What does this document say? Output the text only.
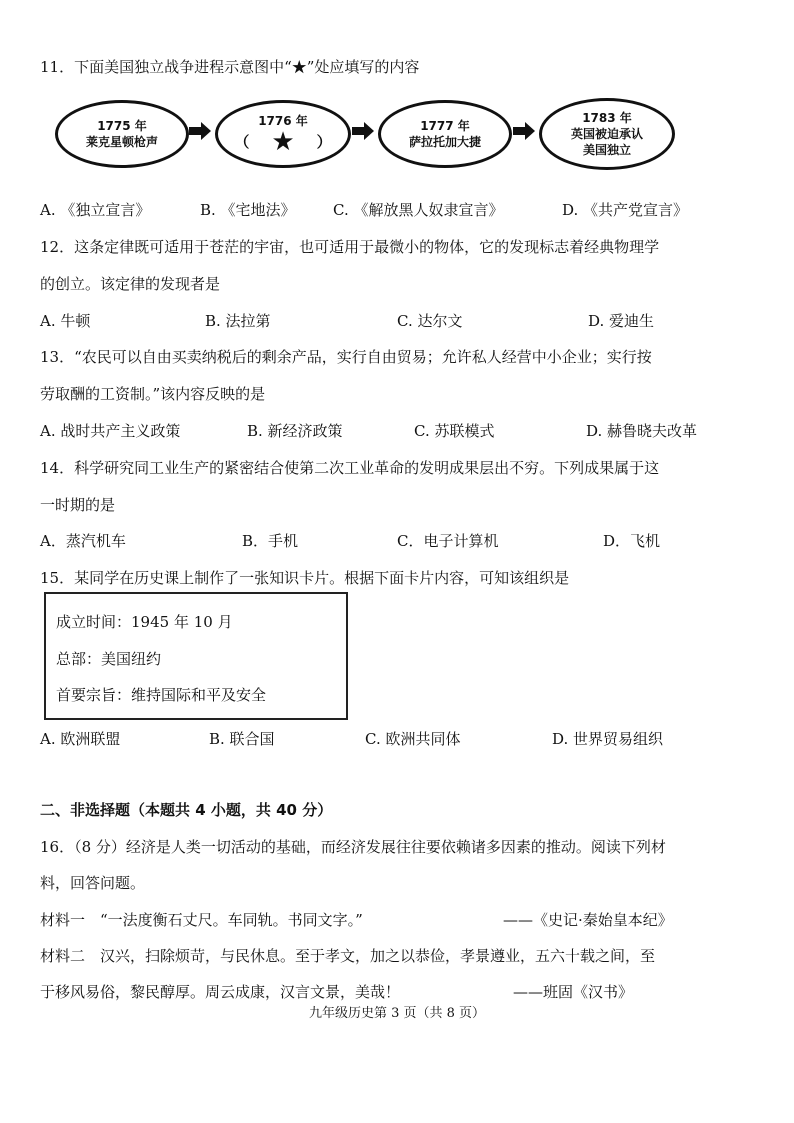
11．下面美国独立战争进程示意图中“★”处应填写的内容
1775 年
莱克星顿枪声
1776 年
（ ★ ）
1777 年
萨拉托加大捷
1783 年
英国被迫承认
美国独立
A. 《独立宣言》	B. 《宅地法》 C. 《解放黑人奴隶宣言》	D. 《共产党宣言》
12．这条定律既可适用于苍茫的宇宙，也可适用于最微小的物体，它的发现标志着经典物理学
的创立。该定律的发现者是
A. 牛顿	B. 法拉第	C. 达尔文	D. 爱迪生
13．“农民可以自由买卖纳税后的剩余产品，实行自由贸易；允许私人经营中小企业；实行按
劳取酬的工资制。”该内容反映的是
A. 战时共产主义政策	B. 新经济政策	C. 苏联模式	D. 赫鲁晓夫改革
14．科学研究同工业生产的紧密结合使第二次工业革命的发明成果层出不穷。下列成果属于这
一时期的是
A．蒸汽机车	B．手机	C．电子计算机	D．飞机
15．某同学在历史课上制作了一张知识卡片。根据下面卡片内容，可知该组织是
成立时间：1945 年 10 月
总部：美国纽约
首要宗旨：维持国际和平及安全
A. 欧洲联盟	B. 联合国	C. 欧洲共同体	D. 世界贸易组织
二、非选择题（本题共 4 小题，共 40 分）
16．（8 分）经济是人类一切活动的基础，而经济发展往往要依赖诸多因素的推动。阅读下列材
料，回答问题。
材料一　“一法度衡石丈尺。车同轨。书同文字。”	——《史记·秦始皇本纪》
材料二　汉兴，扫除烦苛，与民休息。至于孝文，加之以恭俭，孝景遵业，五六十载之间，至
于移风易俗，黎民醇厚。周云成康，汉言文景，美哉！	——班固《汉书》
九年级历史第 3 页（共 8 页）
